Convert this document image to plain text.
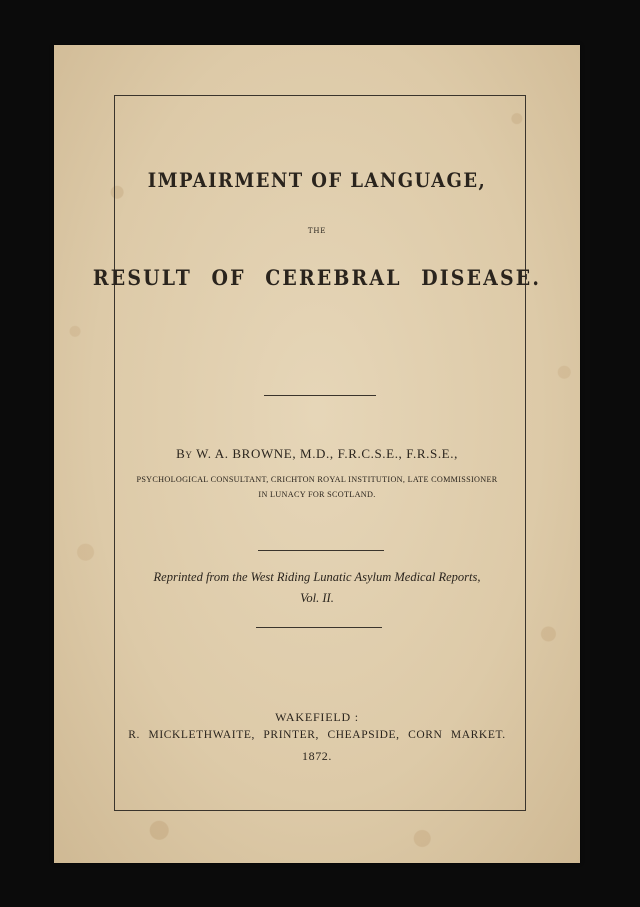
IMPAIRMENT OF LANGUAGE,
THE
RESULT OF CEREBRAL DISEASE.
By W. A. BROWNE, M.D., F.R.C.S.E., F.R.S.E.,
PSYCHOLOGICAL CONSULTANT, CRICHTON ROYAL INSTITUTION, LATE COMMISSIONER
IN LUNACY FOR SCOTLAND.
Reprinted from the West Riding Lunatic Asylum Medical Reports,
Vol. II.
WAKEFIELD :
R. MICKLETHWAITE, PRINTER, CHEAPSIDE, CORN MARKET.
1872.
